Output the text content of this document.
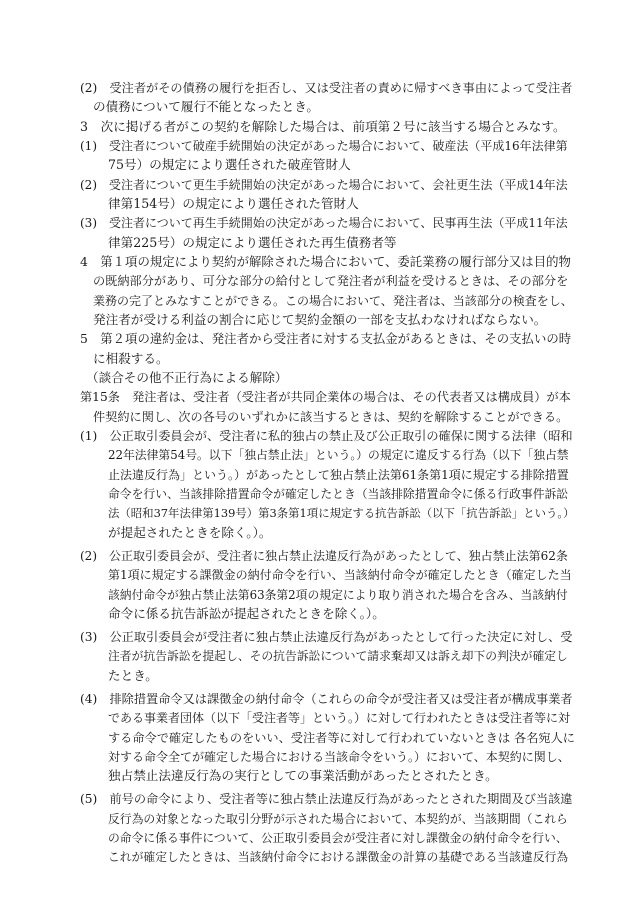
(2)　受注者がその債務の履行を拒否し、又は受注者の責めに帰すべき事由によって受注者
の債務について履行不能となったとき。
3　次に掲げる者がこの契約を解除した場合は、前項第２号に該当する場合とみなす。
(1)　受注者について破産手続開始の決定があった場合において、破産法（平成16年法律第
75号）の規定により選任された破産管財人
(2)　受注者について更生手続開始の決定があった場合において、会社更生法（平成14年法
律第154号）の規定により選任された管財人
(3)　受注者について再生手続開始の決定があった場合において、民事再生法（平成11年法
律第225号）の規定により選任された再生債務者等
4　第１項の規定により契約が解除された場合において、委託業務の履行部分又は目的物
の既納部分があり、可分な部分の給付として発注者が利益を受けるときは、その部分を
業務の完了とみなすことができる。この場合において、発注者は、当該部分の検査をし、
発注者が受ける利益の割合に応じて契約金額の一部を支払わなければならない。
5　第２項の違約金は、発注者から受注者に対する支払金があるときは、その支払いの時
に相殺する。
（談合その他不正行為による解除）
第15条　発注者は、受注者（受注者が共同企業体の場合は、その代表者又は構成員）が本
件契約に関し、次の各号のいずれかに該当するときは、契約を解除することができる。
(1)　公正取引委員会が、受注者に私的独占の禁止及び公正取引の確保に関する法律（昭和
22年法律第54号。以下「独占禁止法」という。）の規定に違反する行為（以下「独占禁
止法違反行為」という。）があったとして独占禁止法第61条第1項に規定する排除措置
命令を行い、当該排除措置命令が確定したとき（当該排除措置命令に係る行政事件訴訟
法（昭和37年法律第139号）第3条第1項に規定する抗告訴訟（以下「抗告訴訟」という。）
が提起されたときを除く。）。
(2)　公正取引委員会が、受注者に独占禁止法違反行為があったとして、独占禁止法第62条
第1項に規定する課徴金の納付命令を行い、当該納付命令が確定したとき（確定した当
該納付命令が独占禁止法第63条第2項の規定により取り消された場合を含み、当該納付
命令に係る抗告訴訟が提起されたときを除く。）。
(3)　公正取引委員会が受注者に独占禁止法違反行為があったとして行った決定に対し、受
注者が抗告訴訟を提起し、その抗告訴訟について請求棄却又は訴え却下の判決が確定し
たとき。
(4)　排除措置命令又は課徴金の納付命令（これらの命令が受注者又は受注者が構成事業者
である事業者団体（以下「受注者等」という。）に対して行われたときは受注者等に対
する命令で確定したものをいい、受注者等に対して行われていないときは 各名宛人に
対する命令全てが確定した場合における当該命令をいう。）において、本契約に関し、
独占禁止法違反行為の実行としての事業活動があったとされたとき。
(5)　前号の命令により、受注者等に独占禁止法違反行為があったとされた期間及び当該違
反行為の対象となった取引分野が示された場合において、本契約が、当該期間（これら
の命令に係る事件について、公正取引委員会が受注者に対し課徴金の納付命令を行い、
これが確定したときは、当該納付命令における課徴金の計算の基礎である当該違反行為
